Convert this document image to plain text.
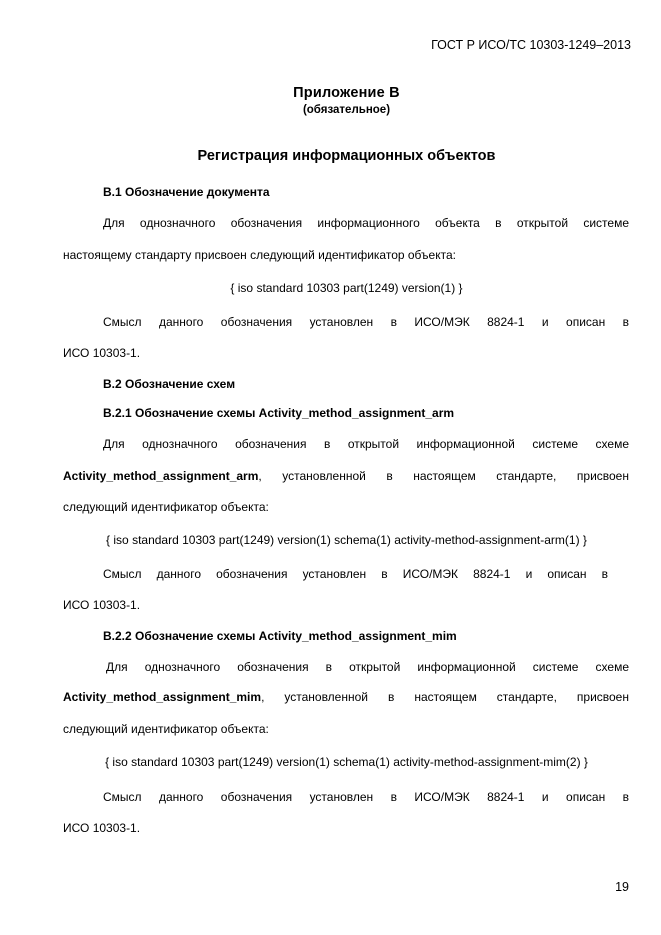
ГОСТ Р ИСО/ТС 10303-1249–2013
Приложение В
(обязательное)
Регистрация информационных объектов
В.1 Обозначение документа
Для однозначного обозначения информационного объекта в открытой системе
настоящему стандарту присвоен следующий идентификатор объекта:
{ iso standard 10303 part(1249) version(1) }
Смысл данного обозначения установлен в ИСО/МЭК 8824-1 и описан в
ИСО 10303-1.
В.2 Обозначение схем
В.2.1 Обозначение схемы Activity_method_assignment_arm
Для однозначного обозначения в открытой информационной системе схеме
Activity_method_assignment_arm, установленной в настоящем стандарте, присвоен
следующий идентификатор объекта:
{ iso standard 10303 part(1249) version(1) schema(1) activity-method-assignment-arm(1) }
Смысл данного обозначения установлен в ИСО/МЭК 8824-1 и описан в
ИСО 10303-1.
В.2.2 Обозначение схемы Activity_method_assignment_mim
Для однозначного обозначения в открытой информационной системе схеме
Activity_method_assignment_mim, установленной в настоящем стандарте, присвоен
следующий идентификатор объекта:
{ iso standard 10303 part(1249) version(1) schema(1) activity-method-assignment-mim(2) }
Смысл данного обозначения установлен в ИСО/МЭК 8824-1 и описан в
ИСО 10303-1.
19
